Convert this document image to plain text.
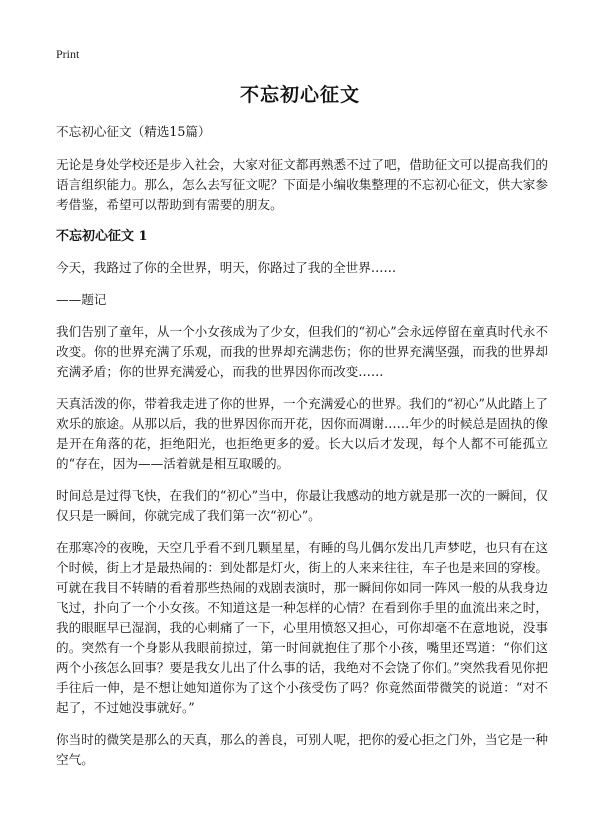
Print
不忘初心征文

不忘初心征文（精选15篇）

无论是身处学校还是步入社会，大家对征文都再熟悉不过了吧，借助征文可以提高我们的语言组织能力。那么，怎么去写征文呢？下面是小编收集整理的不忘初心征文，供大家参考借鉴，希望可以帮助到有需要的朋友。

不忘初心征文 1

今天，我路过了你的全世界，明天，你路过了我的全世界……

——题记

我们告别了童年，从一个小女孩成为了少女，但我们的“初心”会永远停留在童真时代永不改变。你的世界充满了乐观，而我的世界却充满悲伤；你的世界充满坚强，而我的世界却充满矛盾；你的世界充满爱心，而我的世界因你而改变……

天真活泼的你，带着我走进了你的世界，一个充满爱心的世界。我们的“初心”从此踏上了欢乐的旅途。从那以后，我的世界因你而开花，因你而凋谢……年少的时候总是固执的像是开在角落的花，拒绝阳光，也拒绝更多的爱。长大以后才发现，每个人都不可能孤立的“存在，因为——活着就是相互取暖的。

时间总是过得飞快，在我们的“初心”当中，你最让我感动的地方就是那一次的一瞬间，仅仅只是一瞬间，你就完成了我们第一次“初心”。

在那寒冷的夜晚，天空几乎看不到几颗星星，有睡的鸟儿偶尔发出几声梦呓，也只有在这个时候，街上才是最热闹的：到处都是灯火，街上的人来来往往，车子也是来回的穿梭。可就在我目不转睛的看着那些热闹的戏剧表演时，那一瞬间你如同一阵风一般的从我身边飞过，扑向了一个小女孩。不知道这是一种怎样的心情？在看到你手里的血流出来之时，我的眼眶早已湿润，我的心刺痛了一下，心里用愤怒又担心，可你却毫不在意地说，没事的。突然有一个身影从我眼前掠过，第一时间就抱住了那个小孩，嘴里还骂道：“你们这两个小孩怎么回事？要是我女儿出了什么事的话，我绝对不会饶了你们。”突然我看见你把手往后一伸，是不想让她知道你为了这个小孩受伤了吗？你竟然面带微笑的说道：“对不起了，不过她没事就好。”

你当时的微笑是那么的天真，那么的善良，可别人呢，把你的爱心拒之门外，当它是一种空气。
